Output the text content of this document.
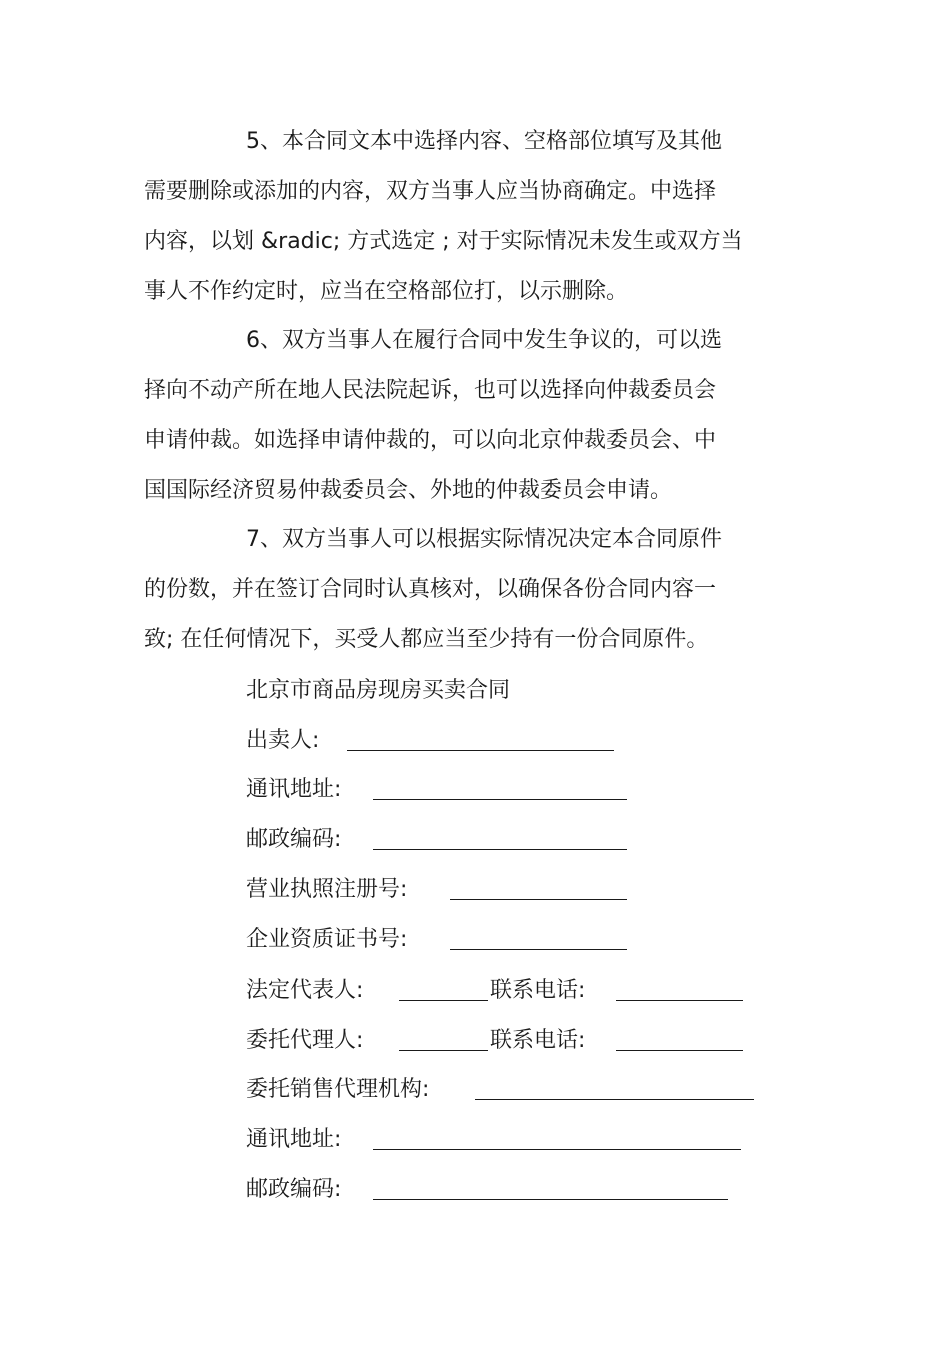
5、本合同文本中选择内容、空格部位填写及其他
需要删除或添加的内容，双方当事人应当协商确定。中选择
内容，以划 &radic; 方式选定 ; 对于实际情况未发生或双方当
事人不作约定时，应当在空格部位打，以示删除。
6、双方当事人在履行合同中发生争议的，可以选
择向不动产所在地人民法院起诉，也可以选择向仲裁委员会
申请仲裁。如选择申请仲裁的，可以向北京仲裁委员会、中
国国际经济贸易仲裁委员会、外地的仲裁委员会申请。
7、双方当事人可以根据实际情况决定本合同原件
的份数，并在签订合同时认真核对，以确保各份合同内容一
致; 在任何情况下，买受人都应当至少持有一份合同原件。
北京市商品房现房买卖合同
出卖人:
通讯地址:
邮政编码:
营业执照注册号:
企业资质证书号:
法定代表人:	联系电话:
委托代理人:	联系电话:
委托销售代理机构:
通讯地址:
邮政编码:
